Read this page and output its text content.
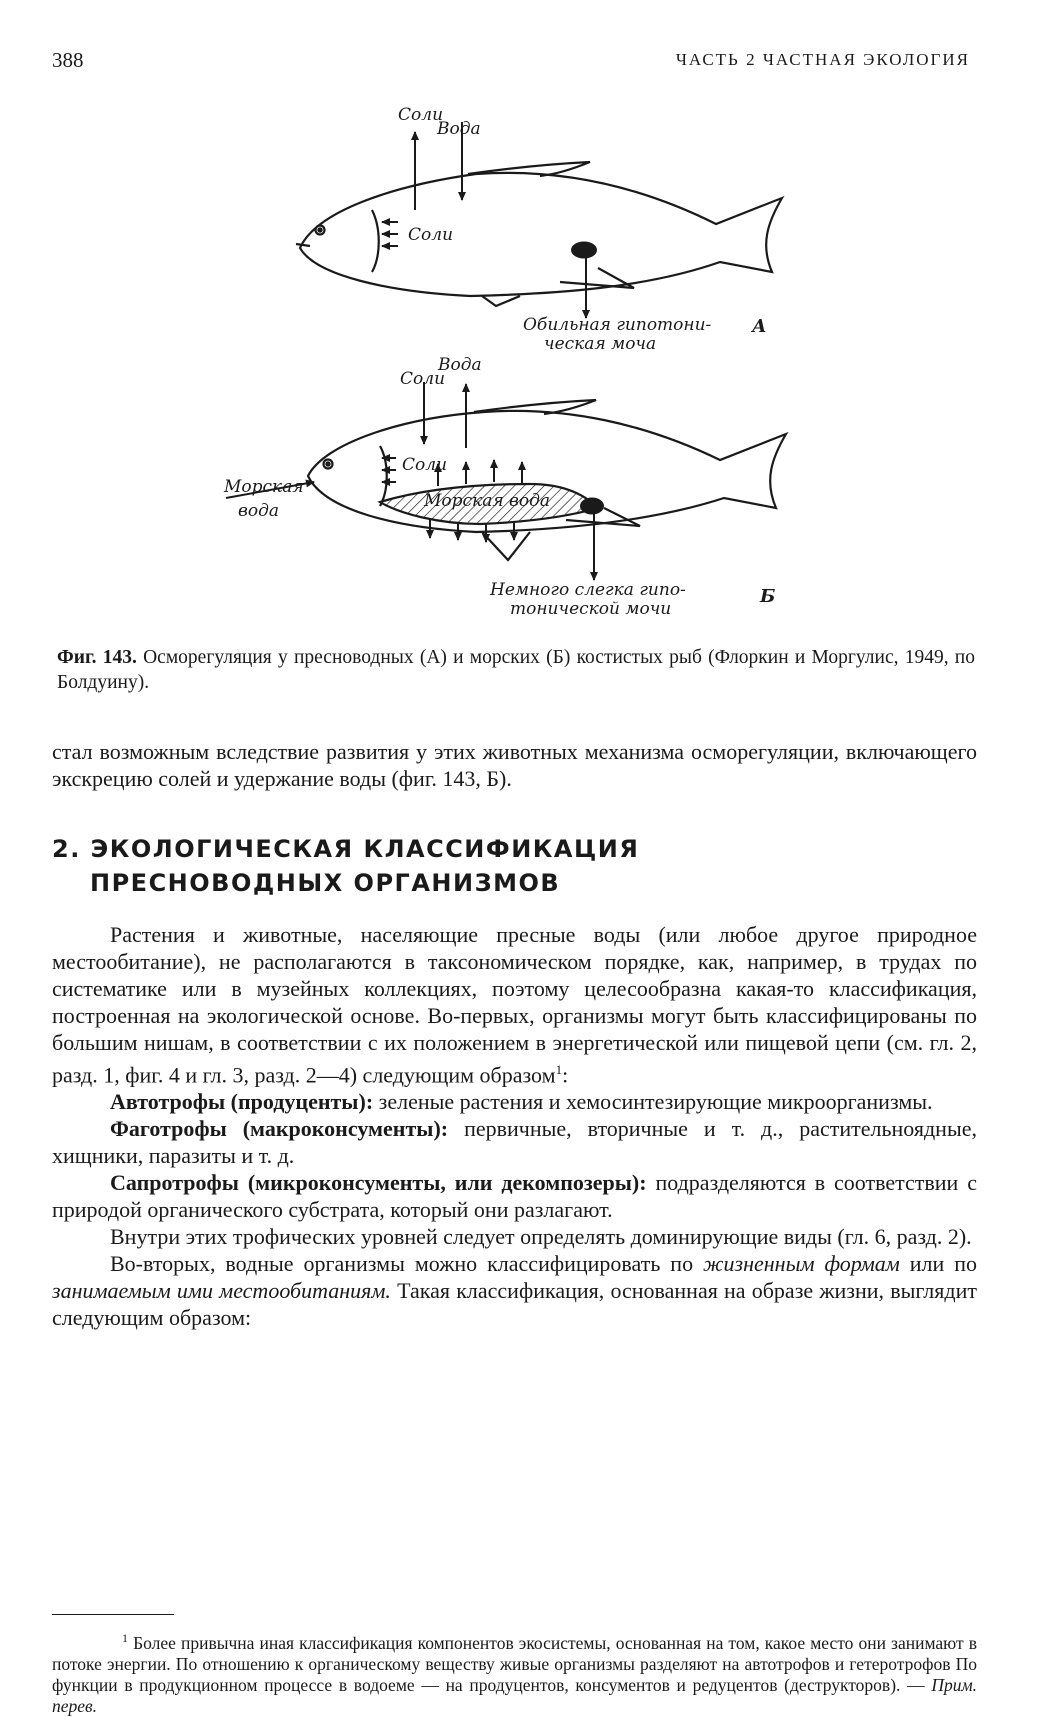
388	ЧАСТЬ 2 ЧАСТНАЯ ЭКОЛОГИЯ
Соли
Вода
Соли
Обильная гипотони-
ческая моча
А
Вода
Соли
Морская
вода
Соли
Морская вода
Немного слегка гипо-
тонической мочи
Б
Фиг. 143. Осморегуляция у пресноводных (А) и морских (Б) костистых рыб (Флоркин и Моргулис, 1949, по Болдуину).
стал возможным вследствие развития у этих животных механизма осморегуляции, включающего экскрецию солей и удержание воды (фиг. 143, Б).
2. ЭКОЛОГИЧЕСКАЯ КЛАССИФИКАЦИЯ
ПРЕСНОВОДНЫХ ОРГАНИЗМОВ

Растения и животные, населяющие пресные воды (или любое другое природное местообитание), не располагаются в таксономическом порядке, как, например, в трудах по систематике или в музейных коллекциях, поэтому целесообразна какая-то классификация, построенная на экологической основе. Во-первых, организмы могут быть классифицированы по большим нишам, в соответствии с их положением в энергетической или пищевой цепи (см. гл. 2, разд. 1, фиг. 4 и гл. 3, разд. 2—4) следующим образом$^1$:

Автотрофы (продуценты): зеленые растения и хемосинтезирующие микроорганизмы.

Фаготрофы (макроконсументы): первичные, вторичные и т. д., растительноядные, хищники, паразиты и т. д.

Сапротрофы (микроконсументы, или декомпозеры): подразделяются в соответствии с природой органического субстрата, который они разлагают.

Внутри этих трофических уровней следует определять доминирующие виды (гл. 6, разд. 2).

Во-вторых, водные организмы можно классифицировать по жизненным формам или по занимаемым ими местообитаниям. Такая классификация, основанная на образе жизни, выглядит следующим образом:

$^1$ Более привычна иная классификация компонентов экосистемы, основанная на том, какое место они занимают в потоке энергии. По отношению к органическому веществу живые организмы разделяют на автотрофов и гетеротрофов По функции в продукционном процессе в водоеме — на продуцентов, консументов и редуцентов (деструкторов). — Прим. перев.
